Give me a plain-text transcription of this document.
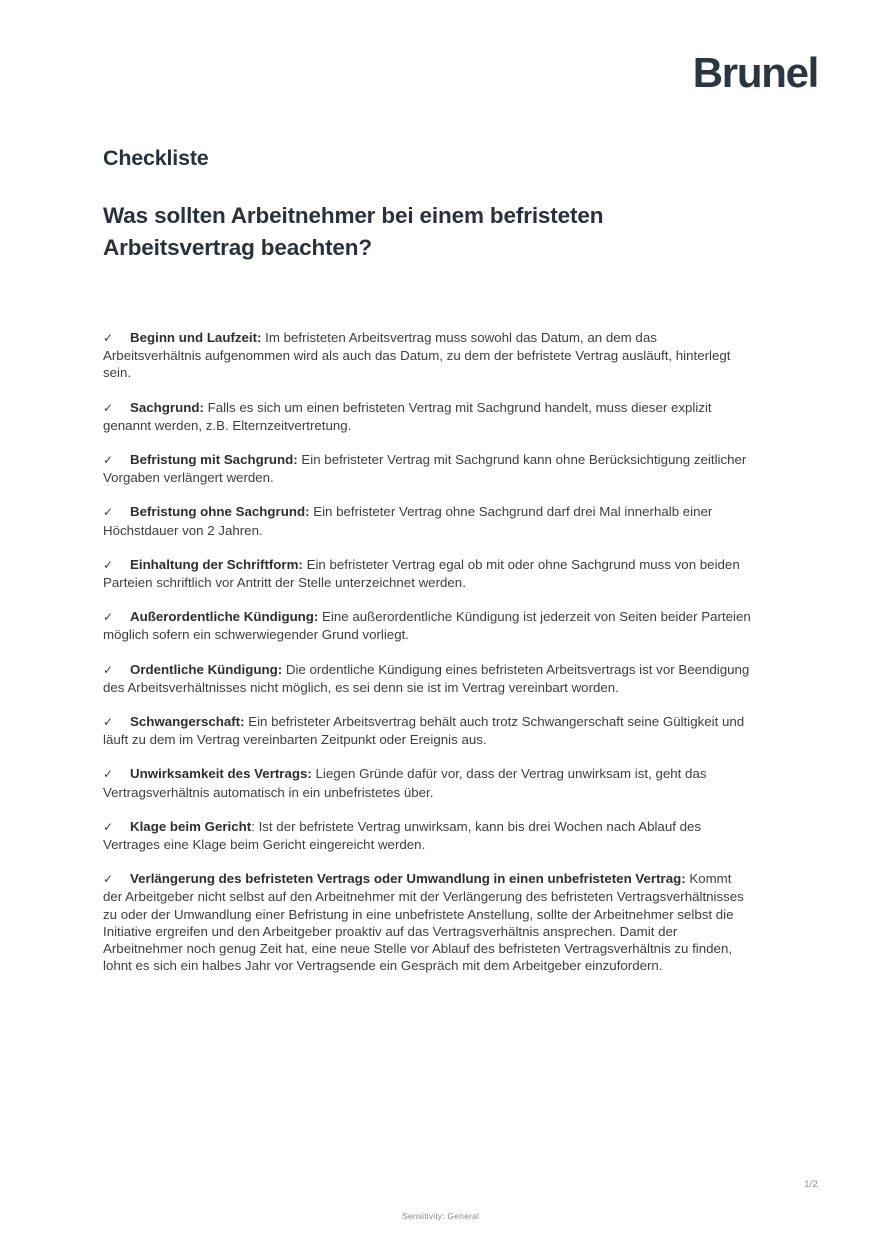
Brunel
Checkliste
Was sollten Arbeitnehmer bei einem befristeten Arbeitsvertrag beachten?
✓ Beginn und Laufzeit: Im befristeten Arbeitsvertrag muss sowohl das Datum, an dem das Arbeitsverhältnis aufgenommen wird als auch das Datum, zu dem der befristete Vertrag ausläuft, hinterlegt sein.
✓ Sachgrund: Falls es sich um einen befristeten Vertrag mit Sachgrund handelt, muss dieser explizit genannt werden, z.B. Elternzeitvertretung.
✓ Befristung mit Sachgrund: Ein befristeter Vertrag mit Sachgrund kann ohne Berücksichtigung zeitlicher Vorgaben verlängert werden.
✓ Befristung ohne Sachgrund: Ein befristeter Vertrag ohne Sachgrund darf drei Mal innerhalb einer Höchstdauer von 2 Jahren.
✓ Einhaltung der Schriftform: Ein befristeter Vertrag egal ob mit oder ohne Sachgrund muss von beiden Parteien schriftlich vor Antritt der Stelle unterzeichnet werden.
✓ Außerordentliche Kündigung: Eine außerordentliche Kündigung ist jederzeit von Seiten beider Parteien möglich sofern ein schwerwiegender Grund vorliegt.
✓ Ordentliche Kündigung: Die ordentliche Kündigung eines befristeten Arbeitsvertrags ist vor Beendigung des Arbeitsverhältnisses nicht möglich, es sei denn sie ist im Vertrag vereinbart worden.
✓ Schwangerschaft: Ein befristeter Arbeitsvertrag behält auch trotz Schwangerschaft seine Gültigkeit und läuft zu dem im Vertrag vereinbarten Zeitpunkt oder Ereignis aus.
✓ Unwirksamkeit des Vertrags: Liegen Gründe dafür vor, dass der Vertrag unwirksam ist, geht das Vertragsverhältnis automatisch in ein unbefristetes über.
✓ Klage beim Gericht: Ist der befristete Vertrag unwirksam, kann bis drei Wochen nach Ablauf des Vertrages eine Klage beim Gericht eingereicht werden.
✓ Verlängerung des befristeten Vertrags oder Umwandlung in einen unbefristeten Vertrag: Kommt der Arbeitgeber nicht selbst auf den Arbeitnehmer mit der Verlängerung des befristeten Vertragsverhältnisses zu oder der Umwandlung einer Befristung in eine unbefristete Anstellung, sollte der Arbeitnehmer selbst die Initiative ergreifen und den Arbeitgeber proaktiv auf das Vertragsverhältnis ansprechen. Damit der Arbeitnehmer noch genug Zeit hat, eine neue Stelle vor Ablauf des befristeten Vertragsverhältnis zu finden, lohnt es sich ein halbes Jahr vor Vertragsende ein Gespräch mit dem Arbeitgeber einzufordern.
1/2
Sensitivity: General
